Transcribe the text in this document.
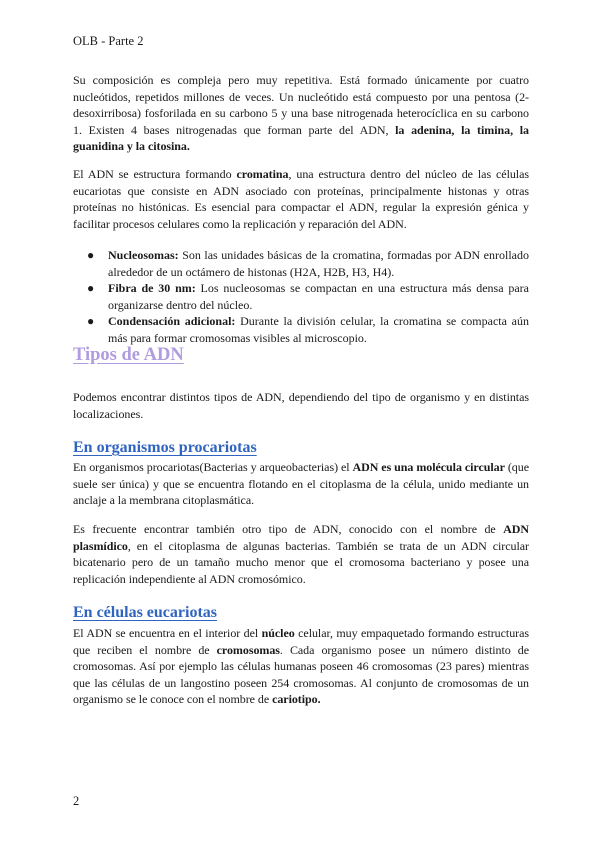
OLB - Parte 2

Su composición es compleja pero muy repetitiva. Está formado únicamente por cuatro nucleótidos, repetidos millones de veces. Un nucleótido está compuesto por una pentosa (2-desoxirribosa) fosforilada en su carbono 5 y una base nitrogenada heterocíclica en su carbono 1. Existen 4 bases nitrogenadas que forman parte del ADN, la adenina, la timina, la guanidina y la citosina.

El ADN se estructura formando cromatina, una estructura dentro del núcleo de las células eucariotas que consiste en ADN asociado con proteínas, principalmente histonas y otras proteínas no histónicas. Es esencial para compactar el ADN, regular la expresión génica y facilitar procesos celulares como la replicación y reparación del ADN.

● Nucleosomas: Son las unidades básicas de la cromatina, formadas por ADN enrollado alrededor de un octámero de histonas (H2A, H2B, H3, H4).
● Fibra de 30 nm: Los nucleosomas se compactan en una estructura más densa para organizarse dentro del núcleo.
● Condensación adicional: Durante la división celular, la cromatina se compacta aún más para formar cromosomas visibles al microscopio.
Tipos de ADN

Podemos encontrar distintos tipos de ADN, dependiendo del tipo de organismo y en distintas localizaciones.

En organismos procariotas

En organismos procariotas(Bacterias y arqueobacterias) el ADN es una molécula circular (que suele ser única) y que se encuentra flotando en el citoplasma de la célula, unido mediante un anclaje a la membrana citoplasmática.

Es frecuente encontrar también otro tipo de ADN, conocido con el nombre de ADN plasmídico, en el citoplasma de algunas bacterias. También se trata de un ADN circular bicatenario pero de un tamaño mucho menor que el cromosoma bacteriano y posee una replicación independiente al ADN cromosómico.

En células eucariotas

El ADN se encuentra en el interior del núcleo celular, muy empaquetado formando estructuras que reciben el nombre de cromosomas. Cada organismo posee un número distinto de cromosomas. Así por ejemplo las células humanas poseen 46 cromosomas (23 pares) mientras que las células de un langostino poseen 254 cromosomas. Al conjunto de cromosomas de un organismo se le conoce con el nombre de cariotipo.

2
